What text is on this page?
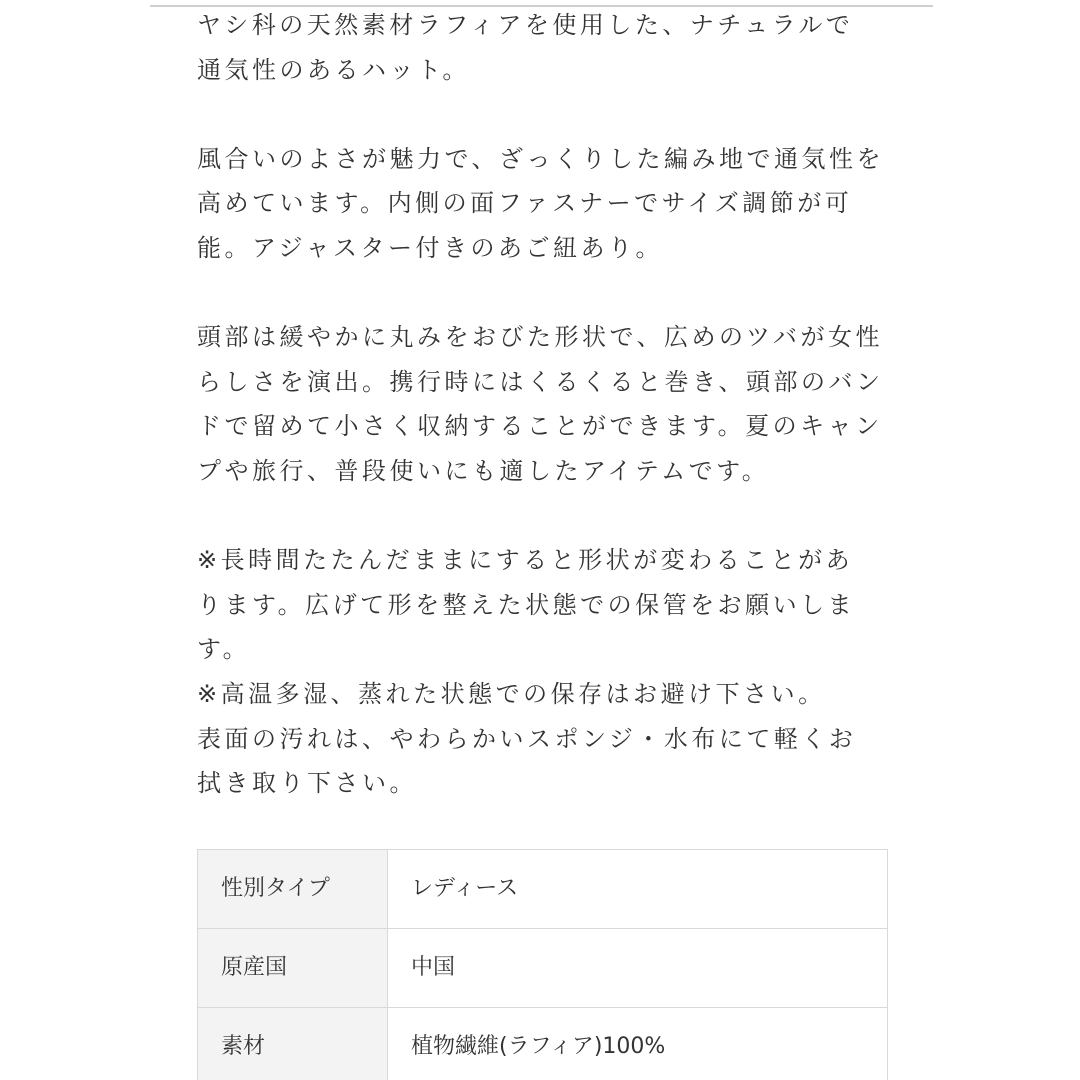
ヤシ科の天然素材ラフィアを使用した、ナチュラルで
通気性のあるハット。
風合いのよさが魅力で、ざっくりした編み地で通気性を
高めています。内側の面ファスナーでサイズ調節が可
能。アジャスター付きのあご紐あり。
頭部は緩やかに丸みをおびた形状で、広めのツバが女性
らしさを演出。携行時にはくるくると巻き、頭部のバン
ドで留めて小さく収納することができます。夏のキャン
プや旅行、普段使いにも適したアイテムです。
※長時間たたんだままにすると形状が変わることがあ
ります。広げて形を整えた状態での保管をお願いしま
す。
※高温多湿、蒸れた状態での保存はお避け下さい。
表面の汚れは、やわらかいスポンジ・水布にて軽くお
拭き取り下さい。
性別タイプ	レディース
原産国	中国
素材	植物繊維(ラフィア)100%
